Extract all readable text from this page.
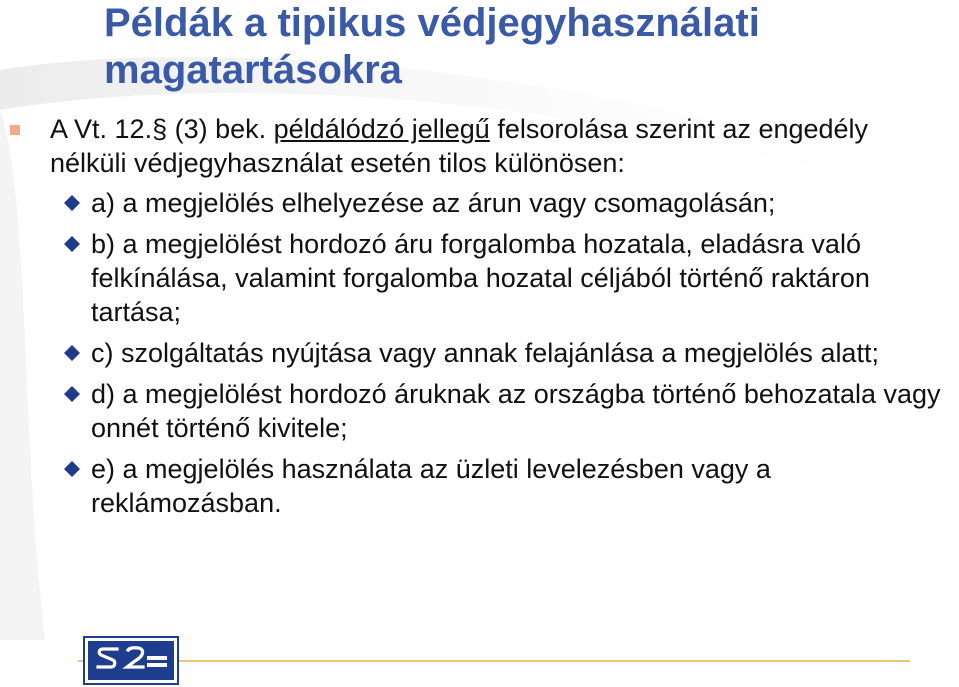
Példák a tipikus védjegyhasználati
magatartásokra

A Vt. 12.§ (3) bek. példálódzó jellegű felsorolása szerint az engedély nélküli védjegyhasználat esetén tilos különösen:

a) a megjelölés elhelyezése az árun vagy csomagolásán;
b) a megjelölést hordozó áru forgalomba hozatala, eladásra való felkínálása, valamint forgalomba hozatal céljából történő raktáron tartása;
c) szolgáltatás nyújtása vagy annak felajánlása a megjelölés alatt;
d) a megjelölést hordozó áruknak az országba történő behozatala vagy onnét történő kivitele;
e) a megjelölés használata az üzleti levelezésben vagy a reklámozásban.
